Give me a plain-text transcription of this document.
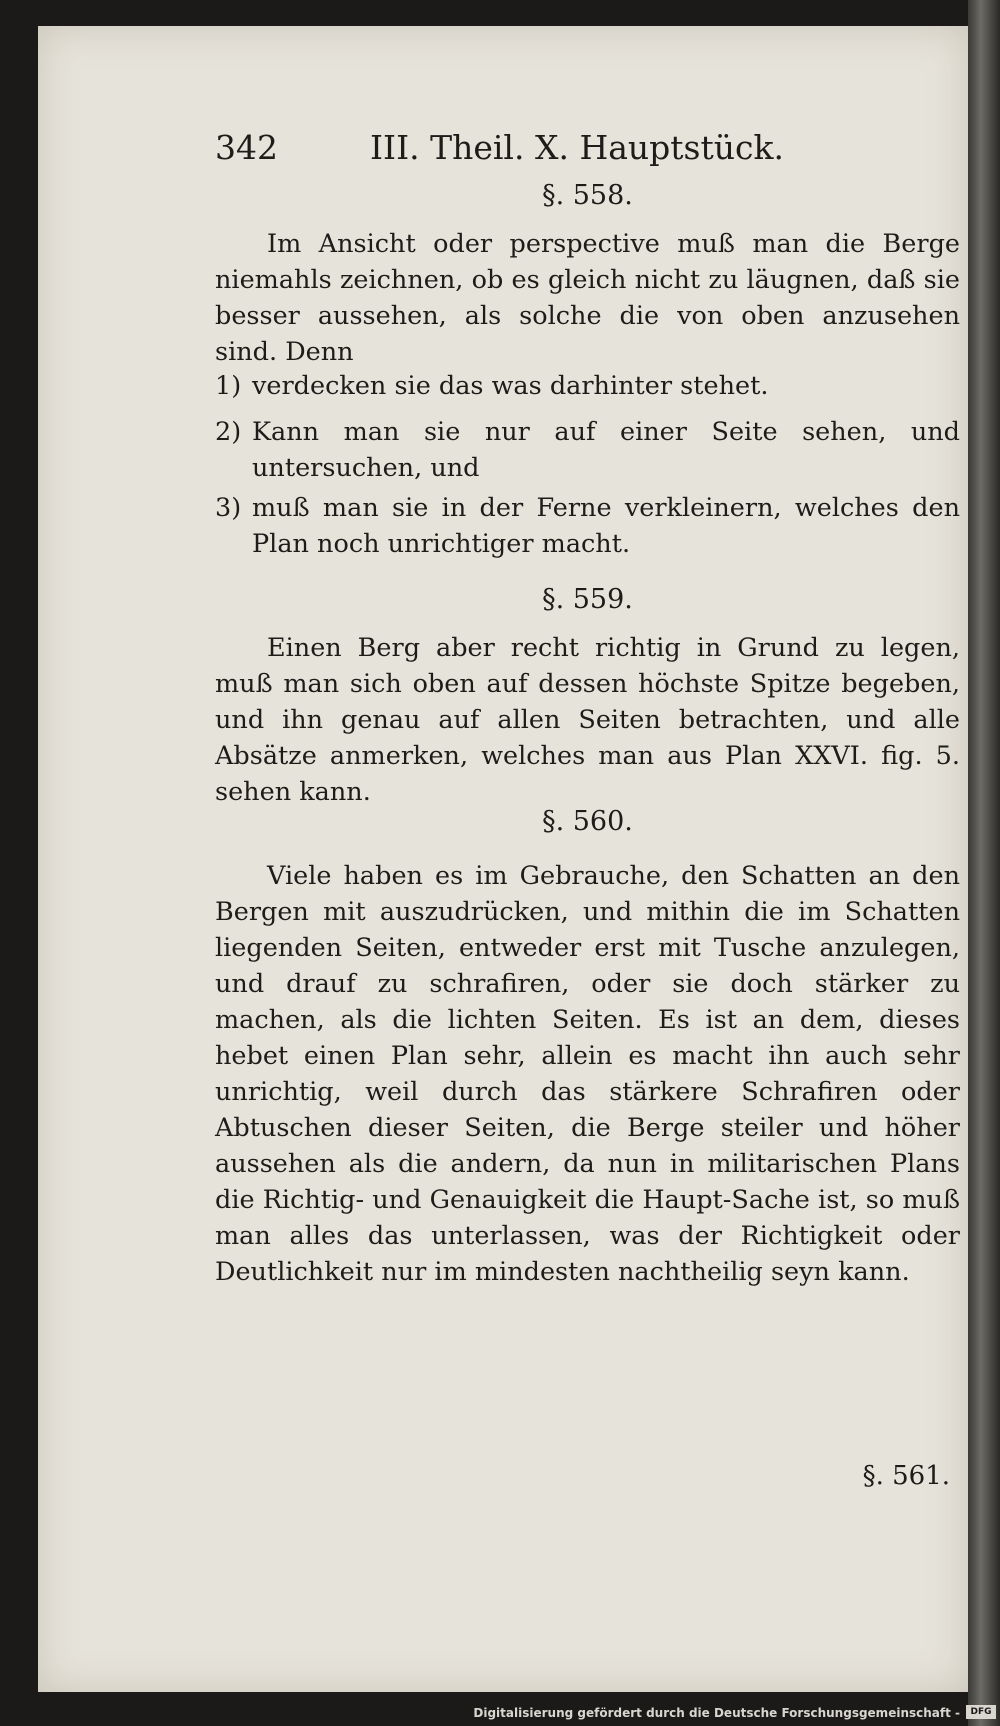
342	III. Theil. X. Hauptstück.
§. 558.

Im Ansicht oder perspective muß man die Berge niemahls zeichnen, ob es gleich nicht zu läugnen, daß sie besser aussehen, als solche die von oben anzusehen sind. Denn

1) verdecken sie das was darhinter stehet.
2) Kann man sie nur auf einer Seite sehen, und untersuchen, und
3) muß man sie in der Ferne verkleinern, welches den Plan noch unrichtiger macht.
§. 559.

Einen Berg aber recht richtig in Grund zu legen, muß man sich oben auf dessen höchste Spitze begeben, und ihn genau auf allen Seiten betrachten, und alle Absätze anmerken, welches man aus Plan XXVI. fig. 5. sehen kann.

§. 560.

Viele haben es im Gebrauche, den Schatten an den Bergen mit auszudrücken, und mithin die im Schatten liegenden Seiten, entweder erst mit Tusche anzulegen, und drauf zu schrafiren, oder sie doch stärker zu machen, als die lichten Seiten. Es ist an dem, dieses hebet einen Plan sehr, allein es macht ihn auch sehr unrichtig, weil durch das stärkere Schrafiren oder Abtuschen dieser Seiten, die Berge steiler und höher aussehen als die andern, da nun in militarischen Plans die Richtig- und Genauigkeit die Haupt-Sache ist, so muß man alles das unterlassen, was der Richtigkeit oder Deutlichkeit nur im mindesten nachtheilig seyn kann.

§. 561.
Digitalisierung gefördert durch die Deutsche Forschungsgemeinschaft -	DFG
